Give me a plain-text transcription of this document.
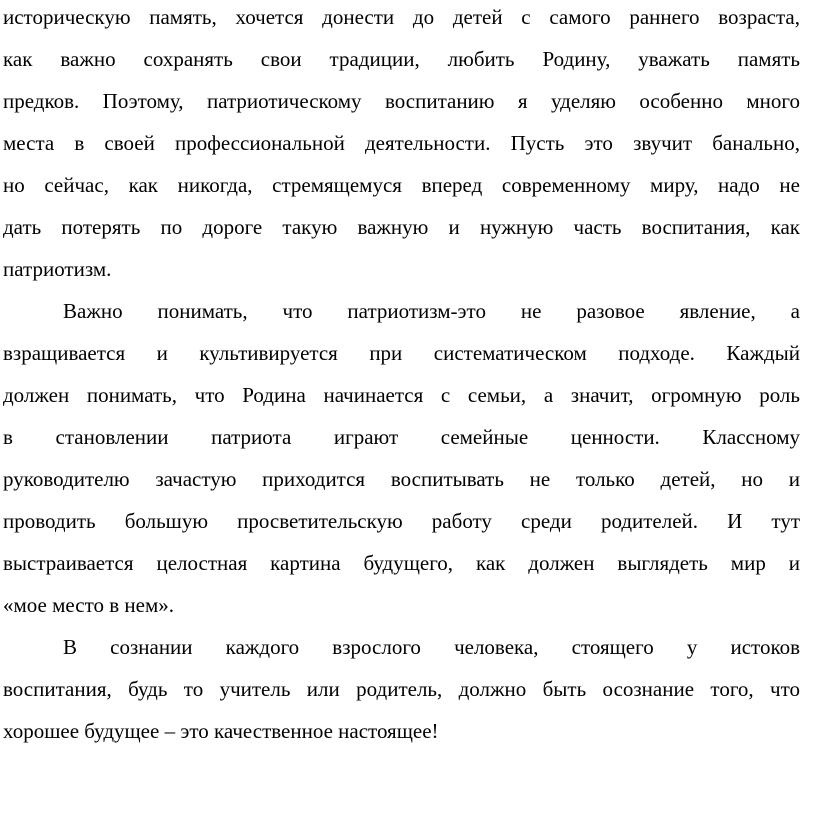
историческую память, хочется донести до детей с самого раннего возраста,
как важно сохранять свои традиции, любить Родину, уважать память
предков. Поэтому, патриотическому воспитанию я уделяю особенно много
места в своей профессиональной деятельности. Пусть это звучит банально,
но сейчас, как никогда, стремящемуся вперед современному миру, надо не
дать потерять по дороге такую важную и нужную часть воспитания, как
патриотизм.
Важно понимать, что патриотизм-это не разовое явление, а
взращивается и культивируется при систематическом подходе. Каждый
должен понимать, что Родина начинается с семьи, а значит, огромную роль
в становлении патриота играют семейные ценности. Классному
руководителю зачастую приходится воспитывать не только детей, но и
проводить большую просветительскую работу среди родителей. И тут
выстраивается целостная картина будущего, как должен выглядеть мир и
«мое место в нем».
В сознании каждого взрослого человека, стоящего у истоков
воспитания, будь то учитель или родитель, должно быть осознание того, что
хорошее будущее – это качественное настоящее!
